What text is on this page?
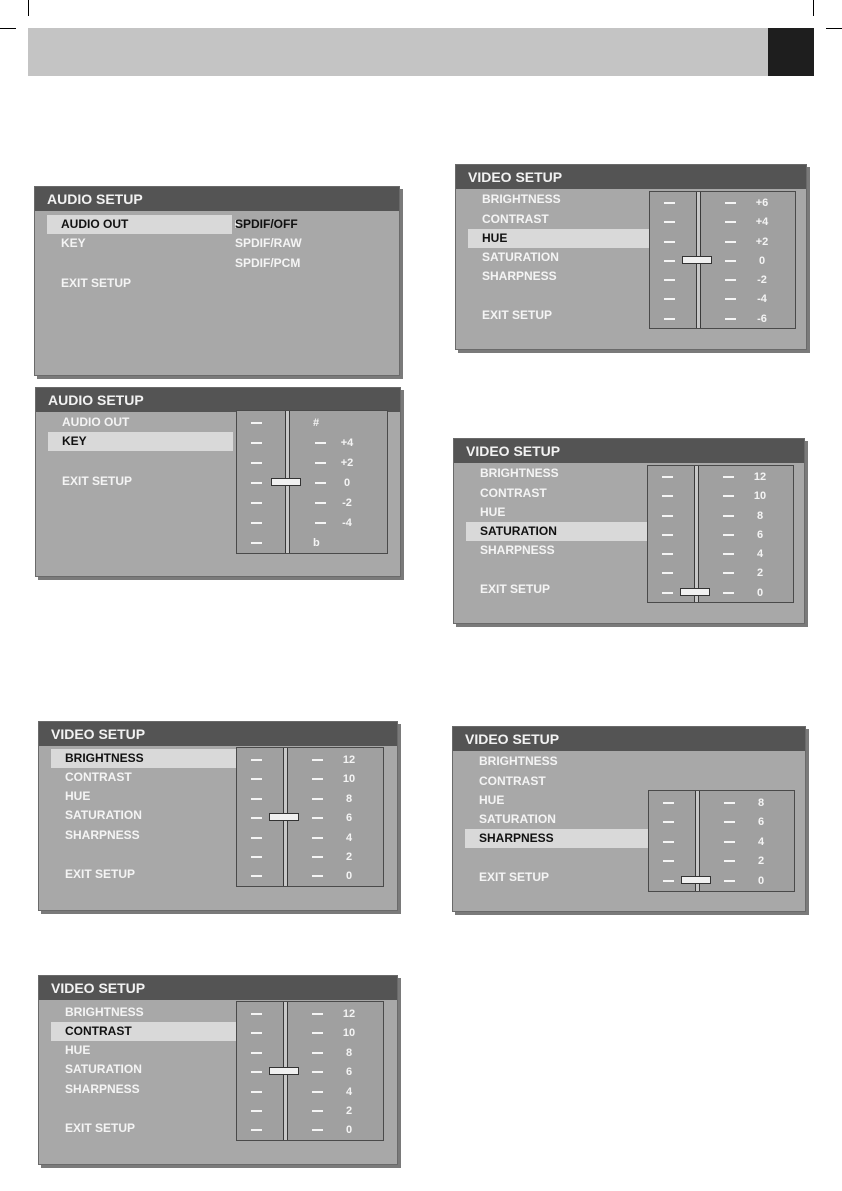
AUDIO SETUP
AUDIO OUT
KEY
EXIT SETUP
SPDIF/OFF
SPDIF/RAW
SPDIF/PCM
AUDIO SETUP
AUDIO OUT
KEY
EXIT SETUP
#
+4
+2
0
-2
-4
b
VIDEO SETUP
BRIGHTNESS
CONTRAST
HUE
SATURATION
SHARPNESS
EXIT SETUP
12
10
8
6
4
2
0
VIDEO SETUP
BRIGHTNESS
CONTRAST
HUE
SATURATION
SHARPNESS
EXIT SETUP
12
10
8
6
4
2
0
VIDEO SETUP
BRIGHTNESS
CONTRAST
HUE
SATURATION
SHARPNESS
EXIT SETUP
+6
+4
+2
0
-2
-4
-6
VIDEO SETUP
BRIGHTNESS
CONTRAST
HUE
SATURATION
SHARPNESS
EXIT SETUP
12
10
8
6
4
2
0
VIDEO SETUP
BRIGHTNESS
CONTRAST
HUE
SATURATION
SHARPNESS
EXIT SETUP
8
6
4
2
0
